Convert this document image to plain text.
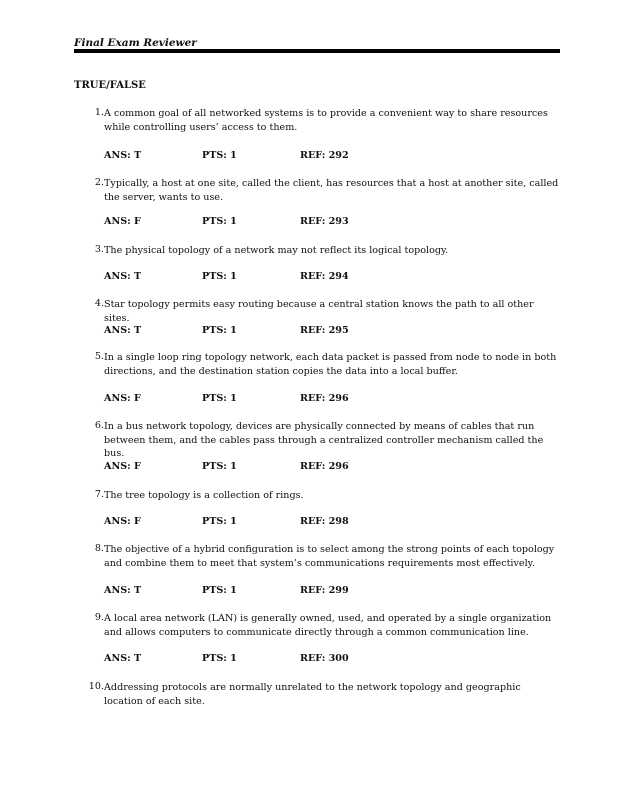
Final Exam Reviewer
TRUE/FALSE
1. A common goal of all networked systems is to provide a convenient way to share resources while controlling users’ access to them.
ANS: T	PTS: 1	REF: 292
2. Typically, a host at one site, called the client, has resources that a host at another site, called the server, wants to use.
ANS: F	PTS: 1	REF: 293
3. The physical topology of a network may not reflect its logical topology.
ANS: T	PTS: 1	REF: 294
4. Star topology permits easy routing because a central station knows the path to all other sites.
ANS: T	PTS: 1	REF: 295
5. In a single loop ring topology network, each data packet is passed from node to node in both directions, and the destination station copies the data into a local buffer.
ANS: F	PTS: 1	REF: 296
6. In a bus network topology, devices are physically connected by means of cables that run between them, and the cables pass through a centralized controller mechanism called the bus.
ANS: F	PTS: 1	REF: 296
7. The tree topology is a collection of rings.
ANS: F	PTS: 1	REF: 298
8. The objective of a hybrid configuration is to select among the strong points of each topology and combine them to meet that system’s communications requirements most effectively.
ANS: T	PTS: 1	REF: 299
9. A local area network (LAN) is generally owned, used, and operated by a single organization and allows computers to communicate directly through a common communication line.
ANS: T	PTS: 1	REF: 300
10. Addressing protocols are normally unrelated to the network topology and geographic location of each site.
